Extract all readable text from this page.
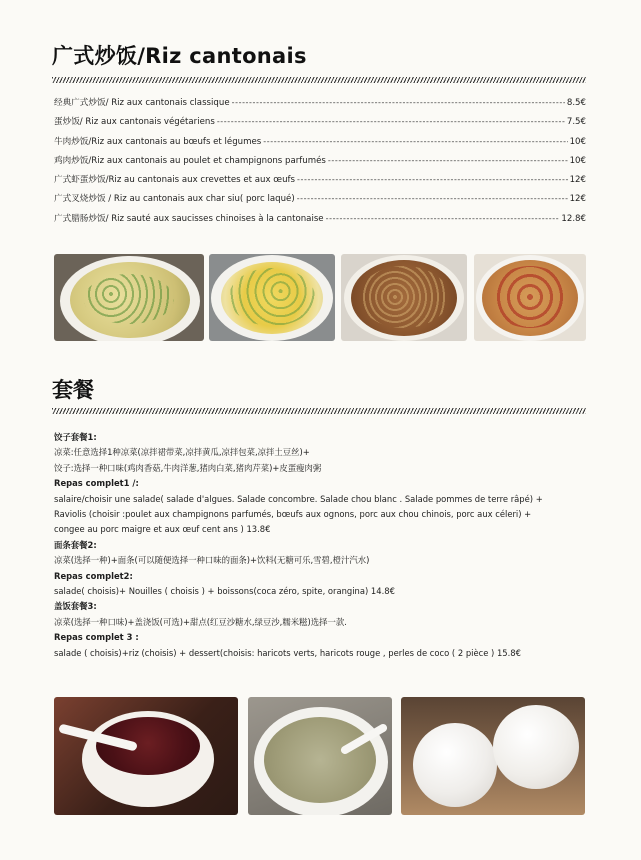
广式炒饭/Riz cantonais
经典广式炒饭/ Riz aux cantonais classique -----	8.5€
蛋炒饭/ Riz aux cantonais végétariens -----	7.5€
牛肉炒饭/Riz aux cantonais au bœufs et légumes -----	10€
鸡肉炒饭/Riz aux cantonais au poulet et champignons parfumés -----	10€
广式虾蛋炒饭/Riz au cantonais aux crevettes et aux œufs -----	12€
广式叉烧炒饭 / Riz au cantonais aux char siu( porc laqué) -----	12€
广式腊肠炒饭/ Riz sauté aux saucisses chinoises à la cantonaise -----	12.8€
套餐
饺子套餐1:
凉菜:任意选择1种凉菜(凉拌裙带菜,凉拌黄瓜,凉拌包菜,凉拌土豆丝)+
饺子:选择一种口味(鸡肉香菇,牛肉洋葱,猪肉白菜,猪肉芹菜)+皮蛋瘦肉粥
Repas complet1 /:
salaire/choisir une salade( salade d'algues. Salade concombre. Salade chou blanc . Salade pommes de terre râpé) +
Raviolis (choisir :poulet aux champignons parfumés, bœufs aux ognons, porc aux chou chinois, porc aux céleri) +
congee au porc maigre et aux œuf cent ans ) 13.8€
面条套餐2:
凉菜(选择一种)+面条(可以随便选择一种口味的面条)+饮料(无糖可乐,雪碧,橙汁汽水)
Repas complet2:
salade( choisis)+ Nouilles ( choisis ) + boissons(coca zéro, spite, orangina) 14.8€
盖饭套餐3:
凉菜(选择一种口味)+盖浇饭(可选)+甜点(红豆沙糖水,绿豆沙,糯米糍)选择一款.
Repas complet 3 :
salade ( choisis)+riz (choisis) + dessert(choisis: haricots verts, haricots rouge , perles de coco ( 2 pièce ) 15.8€
